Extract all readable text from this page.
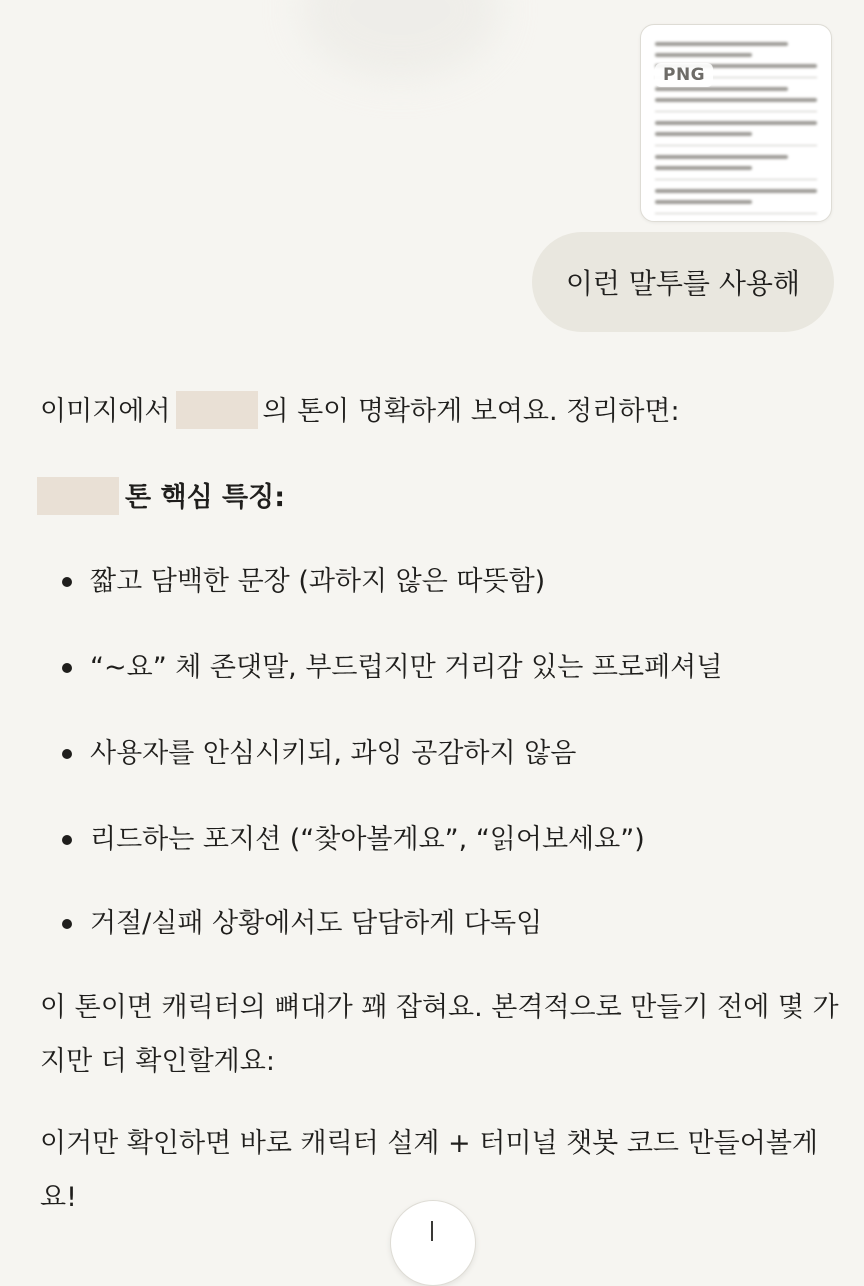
PNG
이런 말투를 사용해
이미지에서	의 톤이 명확하게 보여요. 정리하면:
톤 핵심 특징:
짧고 담백한 문장 (과하지 않은 따뜻함)
“~요” 체 존댓말, 부드럽지만 거리감 있는 프로페셔널
사용자를 안심시키되, 과잉 공감하지 않음
리드하는 포지션 (“찾아볼게요”, “읽어보세요”)
거절/실패 상황에서도 담담하게 다독임
이 톤이면 캐릭터의 뼈대가 꽤 잡혀요. 본격적으로 만들기 전에 몇 가
지만 더 확인할게요:
이거만 확인하면 바로 캐릭터 설계 + 터미널 챗봇 코드 만들어볼게
요!
